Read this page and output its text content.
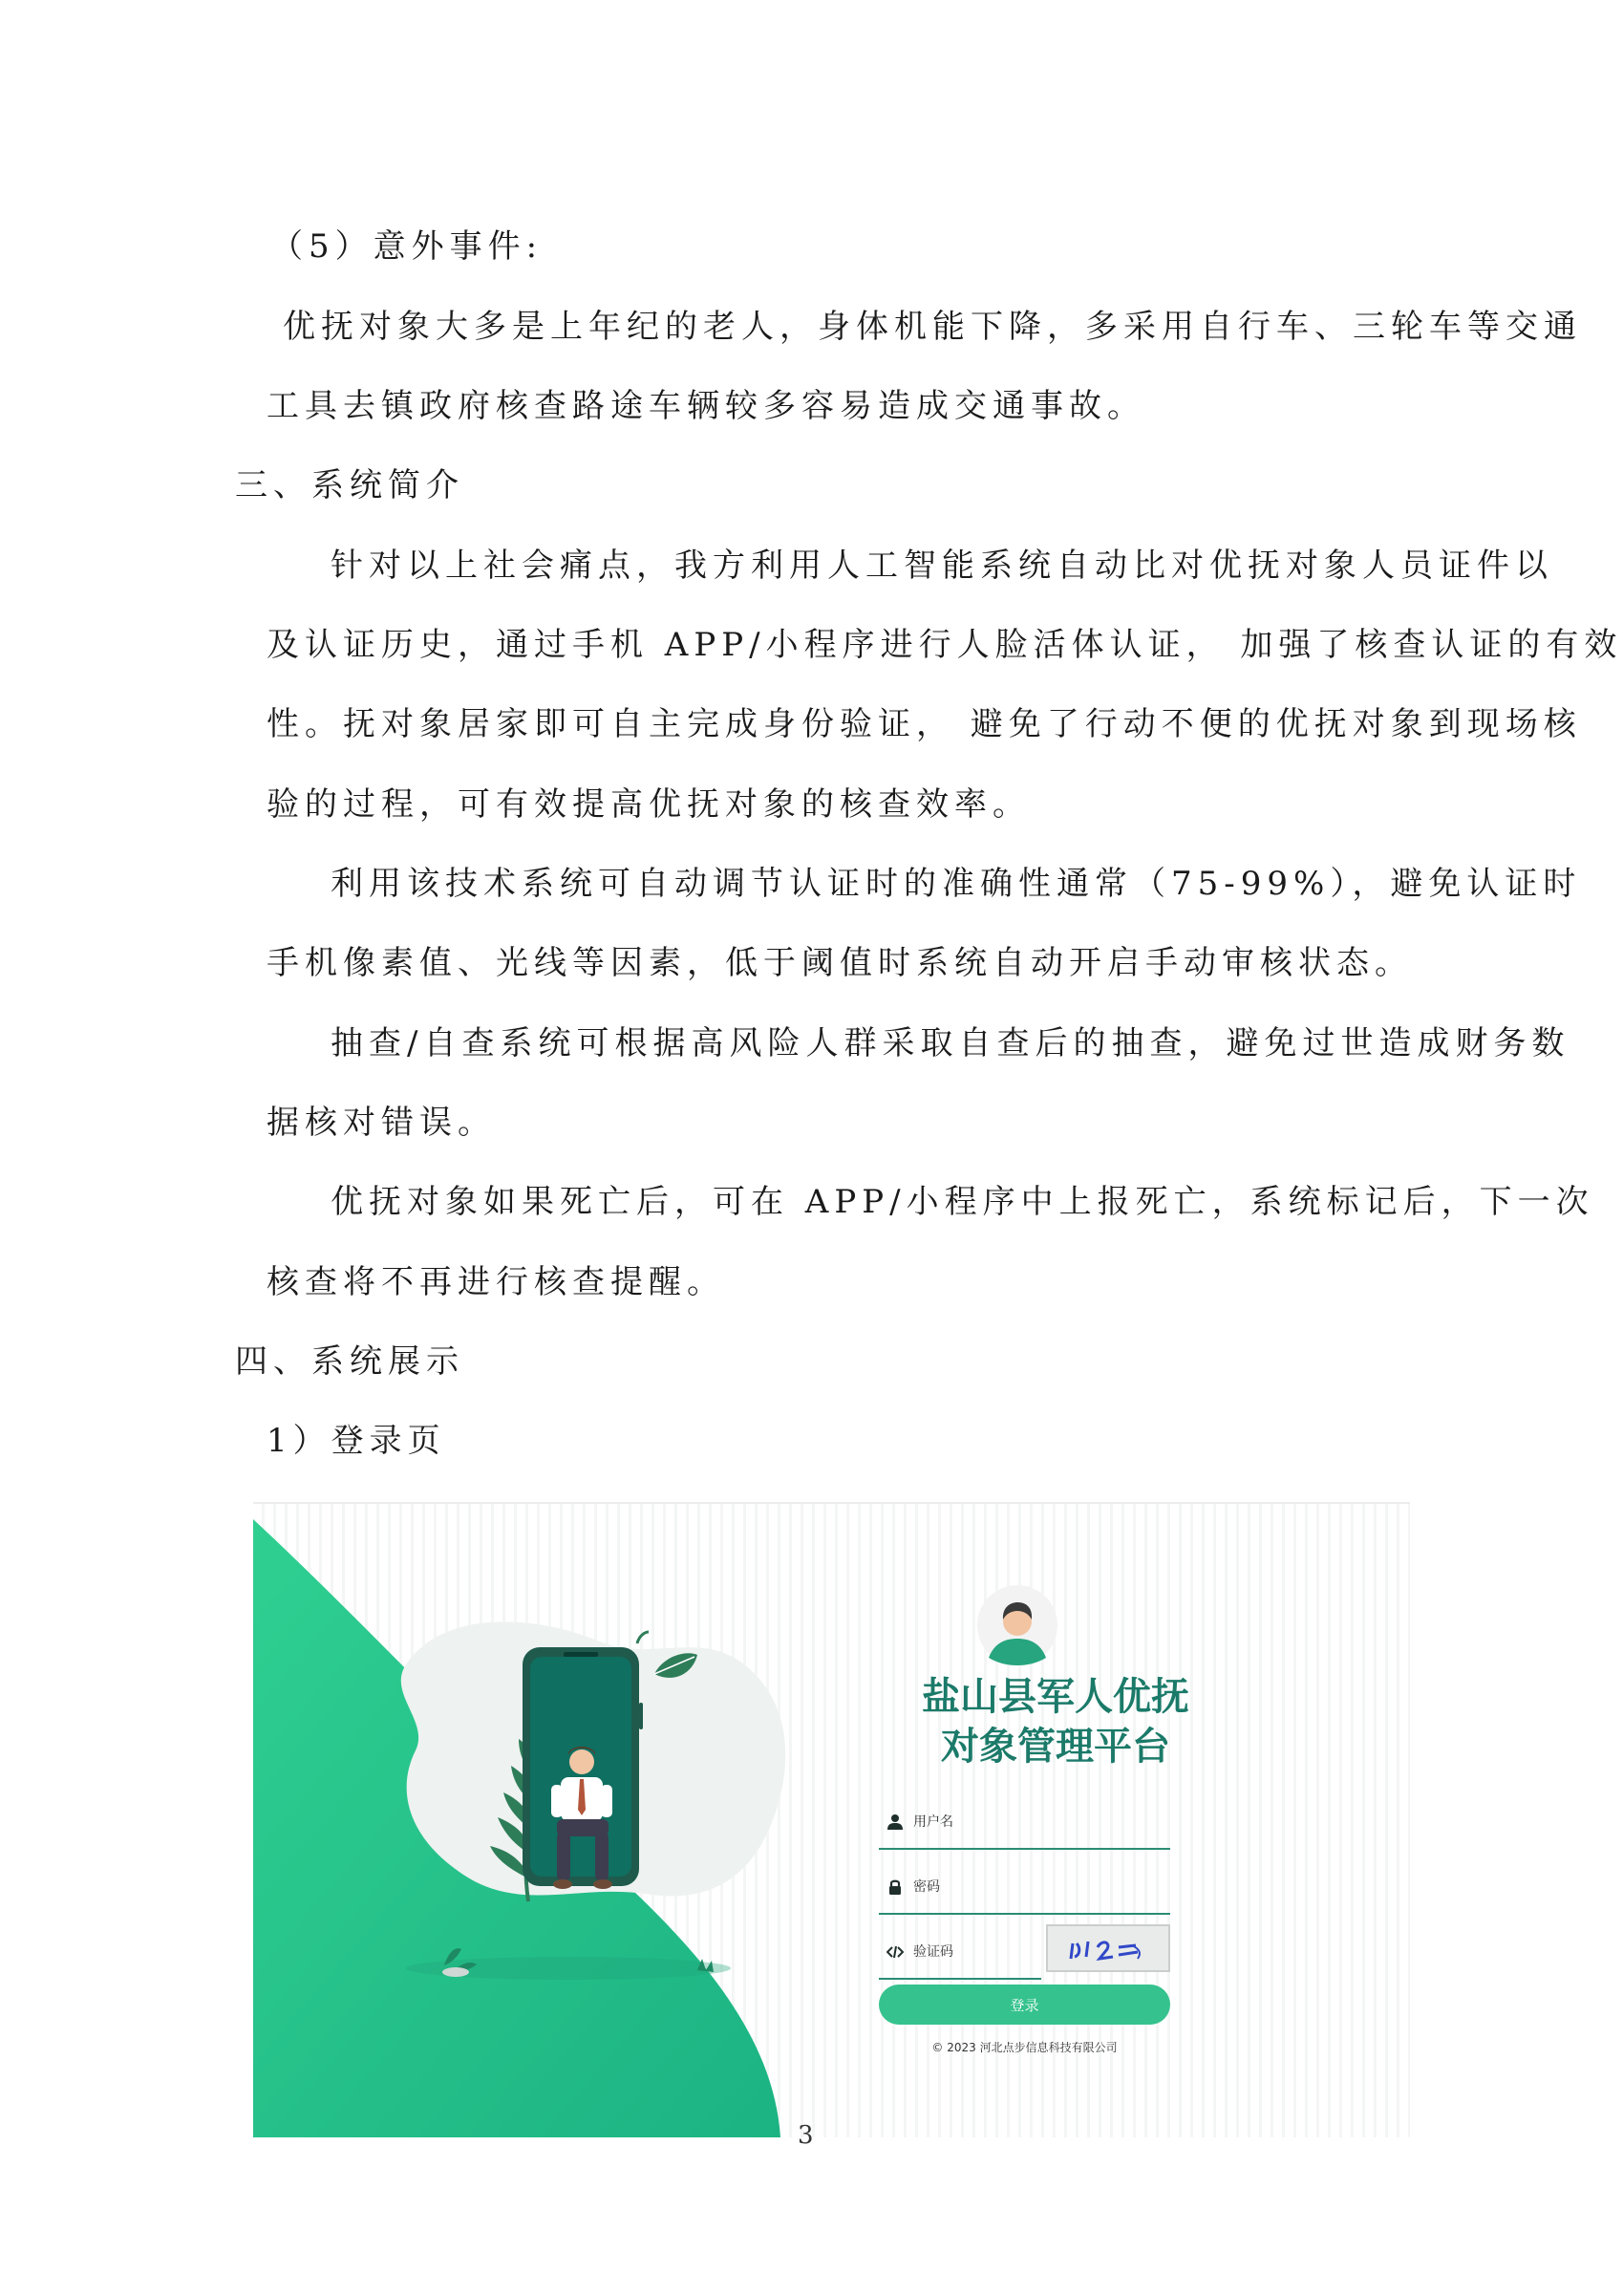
（5）意外事件:
优抚对象大多是上年纪的老人，身体机能下降，多采用自行车、三轮车等交通
工具去镇政府核查路途车辆较多容易造成交通事故。
三、系统简介
针对以上社会痛点，我方利用人工智能系统自动比对优抚对象人员证件以
及认证历史，通过手机 APP/小程序进行人脸活体认证， 加强了核查认证的有效
性。抚对象居家即可自主完成身份验证， 避免了行动不便的优抚对象到现场核
验的过程，可有效提高优抚对象的核查效率。
利用该技术系统可自动调节认证时的准确性通常（75-99%），避免认证时
手机像素值、光线等因素，低于阈值时系统自动开启手动审核状态。
抽查/自查系统可根据高风险人群采取自查后的抽查，避免过世造成财务数
据核对错误。
优抚对象如果死亡后，可在 APP/小程序中上报死亡，系统标记后，下一次
核查将不再进行核查提醒。
四、系统展示
1）登录页
盐山县军人优抚
对象管理平台
用户名
密码
验证码
登录
© 2023 河北点步信息科技有限公司
3
